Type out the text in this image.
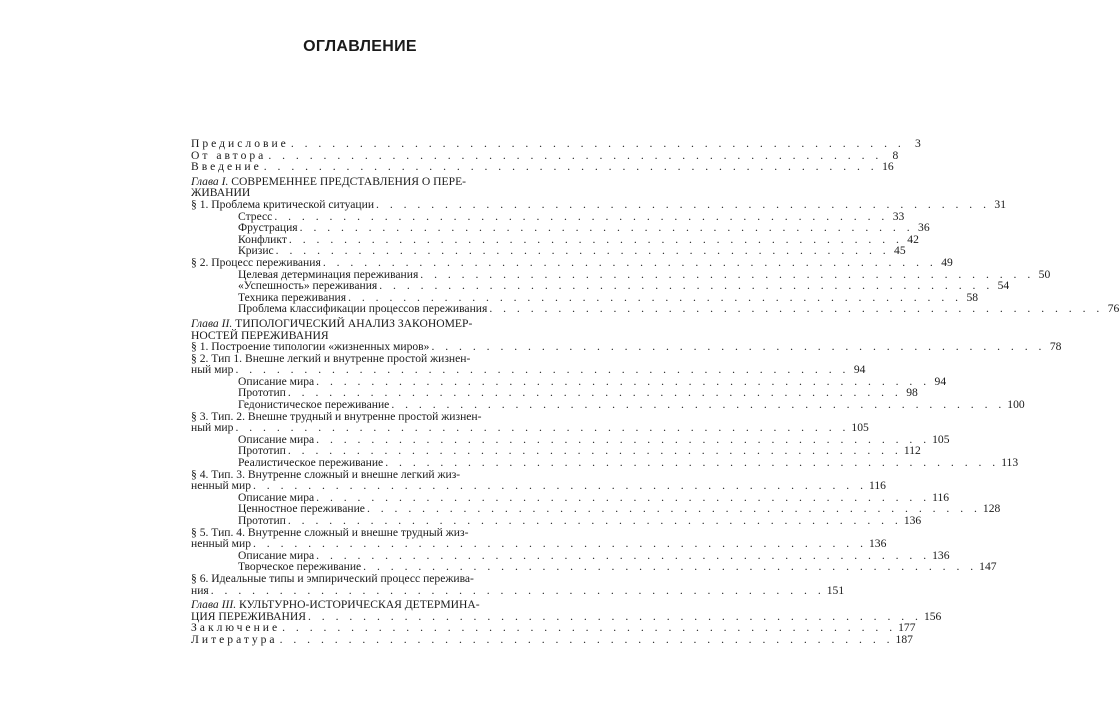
ОГЛАВЛЕНИЕ
Предисловие . . . . . . . . . . . . . . . . . . . . . . . . . . . . . . . . . . . . . . . . . . . . . 3
От автора . . . . . . . . . . . . . . . . . . . . . . . . . . . . . . . . . . . . . . . . . . . . . 8
Введение . . . . . . . . . . . . . . . . . . . . . . . . . . . . . . . . . . . . . . . . . . . . . 16
Глава I. СОВРЕМЕННЕЕ ПРЕДСТАВЛЕНИЯ О ПЕРЕ-
ЖИВАНИИ
§ 1. Проблема критической ситуации . . . . . . . . . . . . . . . . . . . . . . . . . . . . . . . . . . . . . . . . . . . . . 31
Стресс . . . . . . . . . . . . . . . . . . . . . . . . . . . . . . . . . . . . . . . . . . . . . 33
Фрустрация . . . . . . . . . . . . . . . . . . . . . . . . . . . . . . . . . . . . . . . . . . . . . 36
Конфликт . . . . . . . . . . . . . . . . . . . . . . . . . . . . . . . . . . . . . . . . . . . . . 42
Кризис . . . . . . . . . . . . . . . . . . . . . . . . . . . . . . . . . . . . . . . . . . . . . 45
§ 2. Процесс переживания . . . . . . . . . . . . . . . . . . . . . . . . . . . . . . . . . . . . . . . . . . . . . 49
Целевая детерминация переживания . . . . . . . . . . . . . . . . . . . . . . . . . . . . . . . . . . . . . . . . . . . . . 50
«Успешность» переживания . . . . . . . . . . . . . . . . . . . . . . . . . . . . . . . . . . . . . . . . . . . . . 54
Техника переживания . . . . . . . . . . . . . . . . . . . . . . . . . . . . . . . . . . . . . . . . . . . . . 58
Проблема классификации процессов переживания . . . . . . . . . . . . . . . . . . . . . . . . . . . . . . . . . . . . . . . . . . . . . 76
Глава II. ТИПОЛОГИЧЕСКИЙ АНАЛИЗ ЗАКОНОМЕР-
НОСТЕЙ ПЕРЕЖИВАНИЯ
§ 1. Построение типологии «жизненных миров» . . . . . . . . . . . . . . . . . . . . . . . . . . . . . . . . . . . . . . . . . . . . . 78
§ 2. Тип 1. Внешне легкий и внутренне простой жизнен-
ный мир . . . . . . . . . . . . . . . . . . . . . . . . . . . . . . . . . . . . . . . . . . . . . 94
Описание мира . . . . . . . . . . . . . . . . . . . . . . . . . . . . . . . . . . . . . . . . . . . . . 94
Прототип . . . . . . . . . . . . . . . . . . . . . . . . . . . . . . . . . . . . . . . . . . . . . 98
Гедонистическое переживание . . . . . . . . . . . . . . . . . . . . . . . . . . . . . . . . . . . . . . . . . . . . . 100
§ 3. Тип. 2. Внешне трудный и внутренне простой жизнен-
ный мир . . . . . . . . . . . . . . . . . . . . . . . . . . . . . . . . . . . . . . . . . . . . . 105
Описание мира . . . . . . . . . . . . . . . . . . . . . . . . . . . . . . . . . . . . . . . . . . . . . 105
Прототип . . . . . . . . . . . . . . . . . . . . . . . . . . . . . . . . . . . . . . . . . . . . . 112
Реалистическое переживание . . . . . . . . . . . . . . . . . . . . . . . . . . . . . . . . . . . . . . . . . . . . . 113
§ 4. Тип. 3. Внутренне сложный и внешне легкий жиз-
ненный мир . . . . . . . . . . . . . . . . . . . . . . . . . . . . . . . . . . . . . . . . . . . . . 116
Описание мира . . . . . . . . . . . . . . . . . . . . . . . . . . . . . . . . . . . . . . . . . . . . . 116
Ценностное переживание . . . . . . . . . . . . . . . . . . . . . . . . . . . . . . . . . . . . . . . . . . . . . 128
Прототип . . . . . . . . . . . . . . . . . . . . . . . . . . . . . . . . . . . . . . . . . . . . . 136
§ 5. Тип. 4. Внутренне сложный и внешне трудный жиз-
ненный мир . . . . . . . . . . . . . . . . . . . . . . . . . . . . . . . . . . . . . . . . . . . . . 136
Описание мира . . . . . . . . . . . . . . . . . . . . . . . . . . . . . . . . . . . . . . . . . . . . . 136
Творческое переживание . . . . . . . . . . . . . . . . . . . . . . . . . . . . . . . . . . . . . . . . . . . . . 147
§ 6. Идеальные типы и эмпирический процесс пережива-
ния . . . . . . . . . . . . . . . . . . . . . . . . . . . . . . . . . . . . . . . . . . . . . 151
Глава III. КУЛЬТУРНО-ИСТОРИЧЕСКАЯ ДЕТЕРМИНА-
ЦИЯ ПЕРЕЖИВАНИЯ . . . . . . . . . . . . . . . . . . . . . . . . . . . . . . . . . . . . . . . . . . . . . 156
Заключение . . . . . . . . . . . . . . . . . . . . . . . . . . . . . . . . . . . . . . . . . . . . . 177
Литература . . . . . . . . . . . . . . . . . . . . . . . . . . . . . . . . . . . . . . . . . . . . . 187
